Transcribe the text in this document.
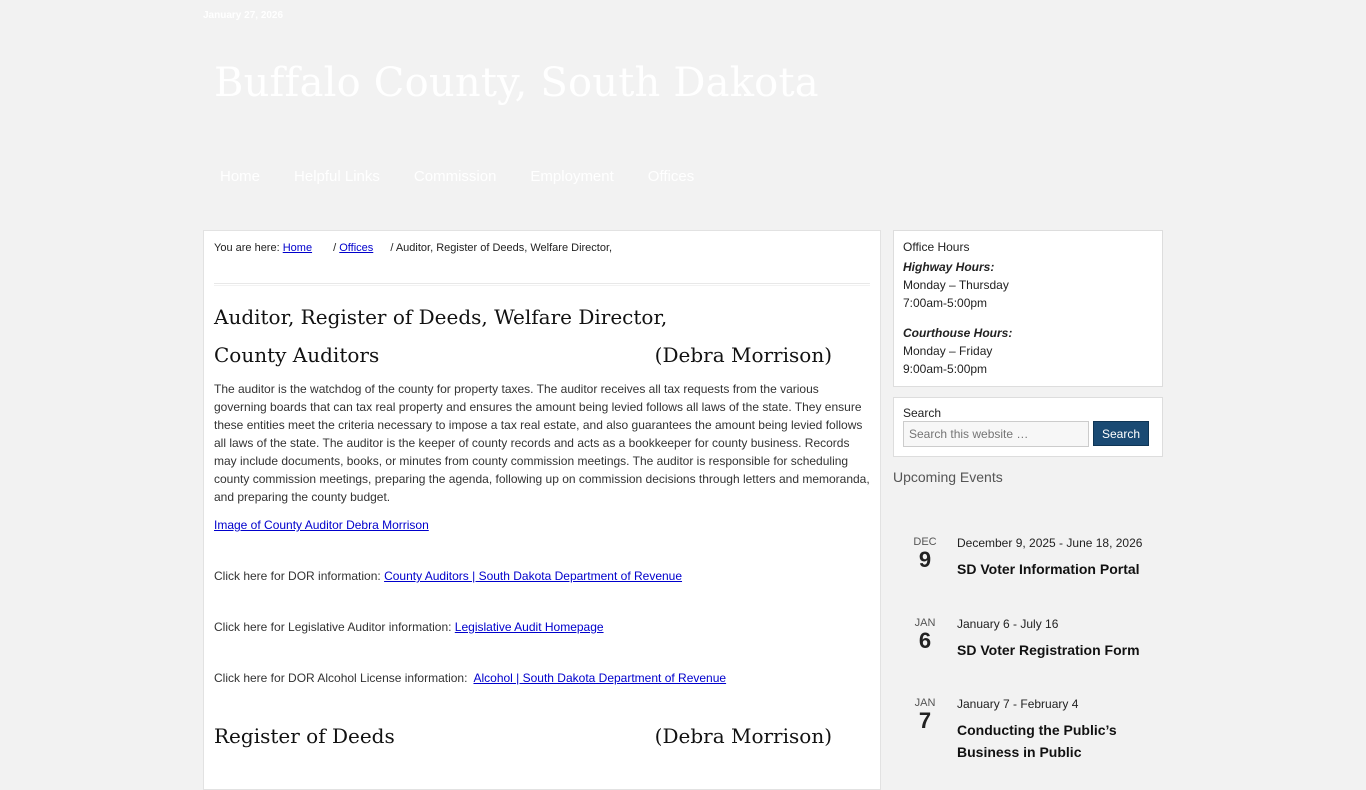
January 27, 2026
Buffalo County, South Dakota
Home	Helpful Links	Commission	Employment	Offices
You are here: Home / Offices / Auditor, Register of Deeds, Welfare Director,
Auditor, Register of Deeds, Welfare Director,
County Auditors	(Debra Morrison)
The auditor is the watchdog of the county for property taxes. The auditor receives all tax requests from the various governing boards that can tax real property and ensures the amount being levied follows all laws of the state. They ensure these entities meet the criteria necessary to impose a tax real estate, and also guarantees the amount being levied follows all laws of the state. The auditor is the keeper of county records and acts as a bookkeeper for county business. Records may include documents, books, or minutes from county commission meetings. The auditor is responsible for scheduling county commission meetings, preparing the agenda, following up on commission decisions through letters and memoranda, and preparing the county budget.
Image of County Auditor Debra Morrison
Click here for DOR information: County Auditors | South Dakota Department of Revenue
Click here for Legislative Auditor information: Legislative Audit Homepage
Click here for DOR Alcohol License information: Alcohol | South Dakota Department of Revenue
Register of Deeds	(Debra Morrison)
Office Hours
Highway Hours:
Monday – Thursday
7:00am-5:00pm
Courthouse Hours:
Monday – Friday
9:00am-5:00pm
Search
Search this website …
Search
Upcoming Events
DEC
9
December 9, 2025 - June 18, 2026
SD Voter Information Portal
JAN
6
January 6 - July 16
SD Voter Registration Form
JAN
7
January 7 - February 4
Conducting the Public’s Business in Public
